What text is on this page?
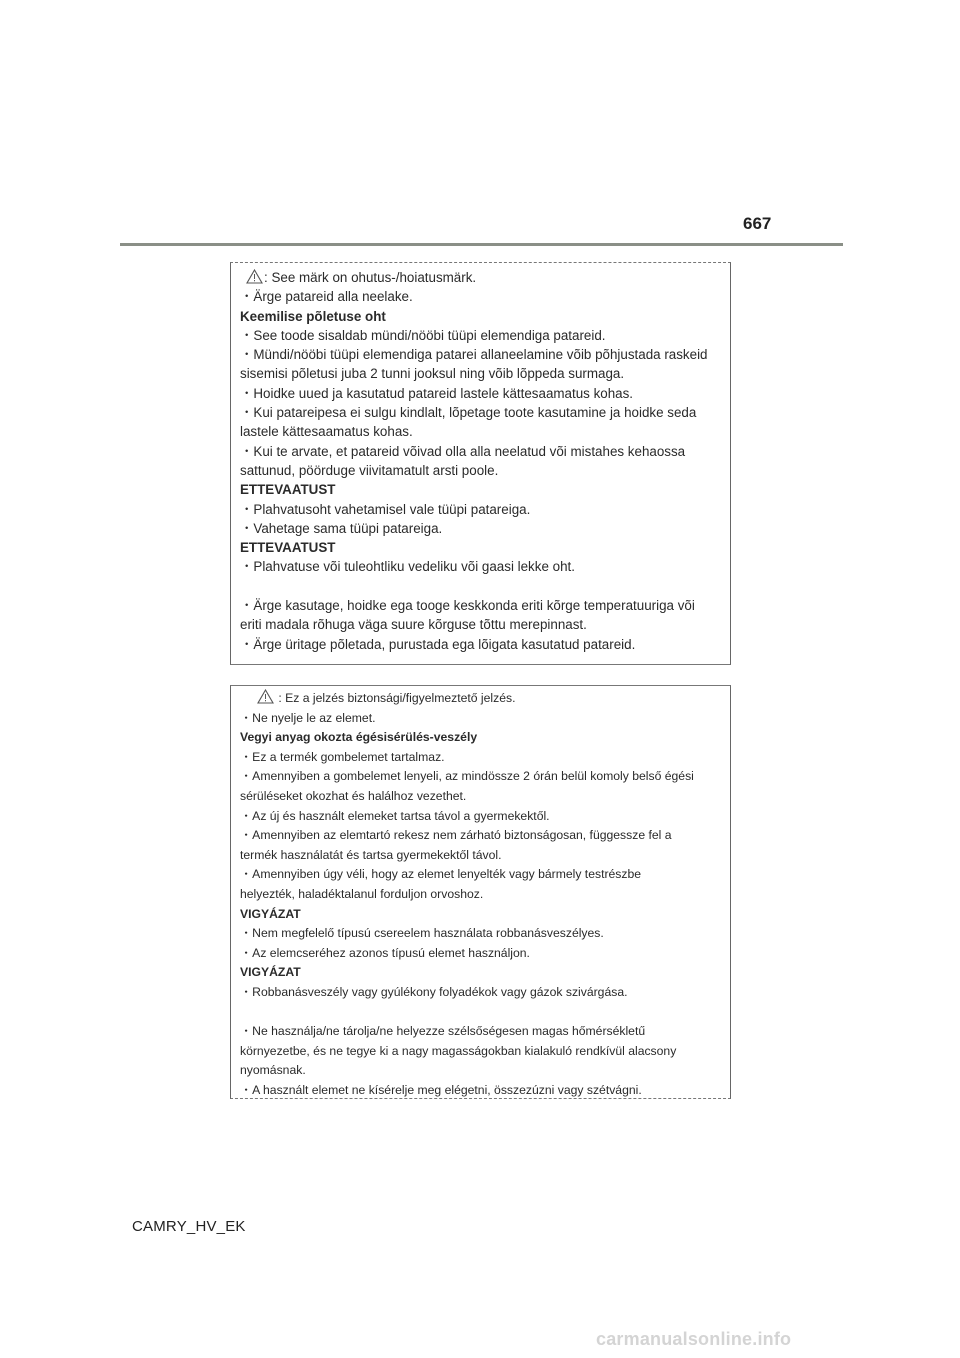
667
: See märk on ohutus-/hoiatusmärk.
・Ärge patareid alla neelake.
Keemilise põletuse oht
・See toode sisaldab mündi/nööbi tüüpi elemendiga patareid.
・Mündi/nööbi tüüpi elemendiga patarei allaneelamine võib põhjustada raskeid
sisemisi põletusi juba 2 tunni jooksul ning võib lõppeda surmaga.
・Hoidke uued ja kasutatud patareid lastele kättesaamatus kohas.
・Kui patareipesa ei sulgu kindlalt, lõpetage toote kasutamine ja hoidke seda
lastele kättesaamatus kohas.
・Kui te arvate, et patareid võivad olla alla neelatud või mistahes kehaossa
sattunud, pöörduge viivitamatult arsti poole.
ETTEVAATUST
・Plahvatusoht vahetamisel vale tüüpi patareiga.
・Vahetage sama tüüpi patareiga.
ETTEVAATUST
・Plahvatuse või tuleohtliku vedeliku või gaasi lekke oht.
・Ärge kasutage, hoidke ega tooge keskkonda eriti kõrge temperatuuriga või
eriti madala rõhuga väga suure kõrguse tõttu merepinnast.
・Ärge üritage põletada, purustada ega lõigata kasutatud patareid.
: Ez a jelzés biztonsági/figyelmeztető jelzés.
・Ne nyelje le az elemet.
Vegyi anyag okozta égésisérülés-veszély
・Ez a termék gombelemet tartalmaz.
・Amennyiben a gombelemet lenyeli, az mindössze 2 órán belül komoly belső égési
sérüléseket okozhat és halálhoz vezethet.
・Az új és használt elemeket tartsa távol a gyermekektől.
・Amennyiben az elemtartó rekesz nem zárható biztonságosan, függessze fel a
termék használatát és tartsa gyermekektől távol.
・Amennyiben úgy véli, hogy az elemet lenyelték vagy bármely testrészbe
helyezték, haladéktalanul forduljon orvoshoz.
VIGYÁZAT
・Nem megfelelő típusú csereelem használata robbanásveszélyes.
・Az elemcseréhez azonos típusú elemet használjon.
VIGYÁZAT
・Robbanásveszély vagy gyúlékony folyadékok vagy gázok szivárgása.
・Ne használja/ne tárolja/ne helyezze szélsőségesen magas hőmérsékletű
környezetbe, és ne tegye ki a nagy magasságokban kialakuló rendkívül alacsony
nyomásnak.
・A használt elemet ne kísérelje meg elégetni, összezúzni vagy szétvágni.
CAMRY_HV_EK
carmanualsonline.info
